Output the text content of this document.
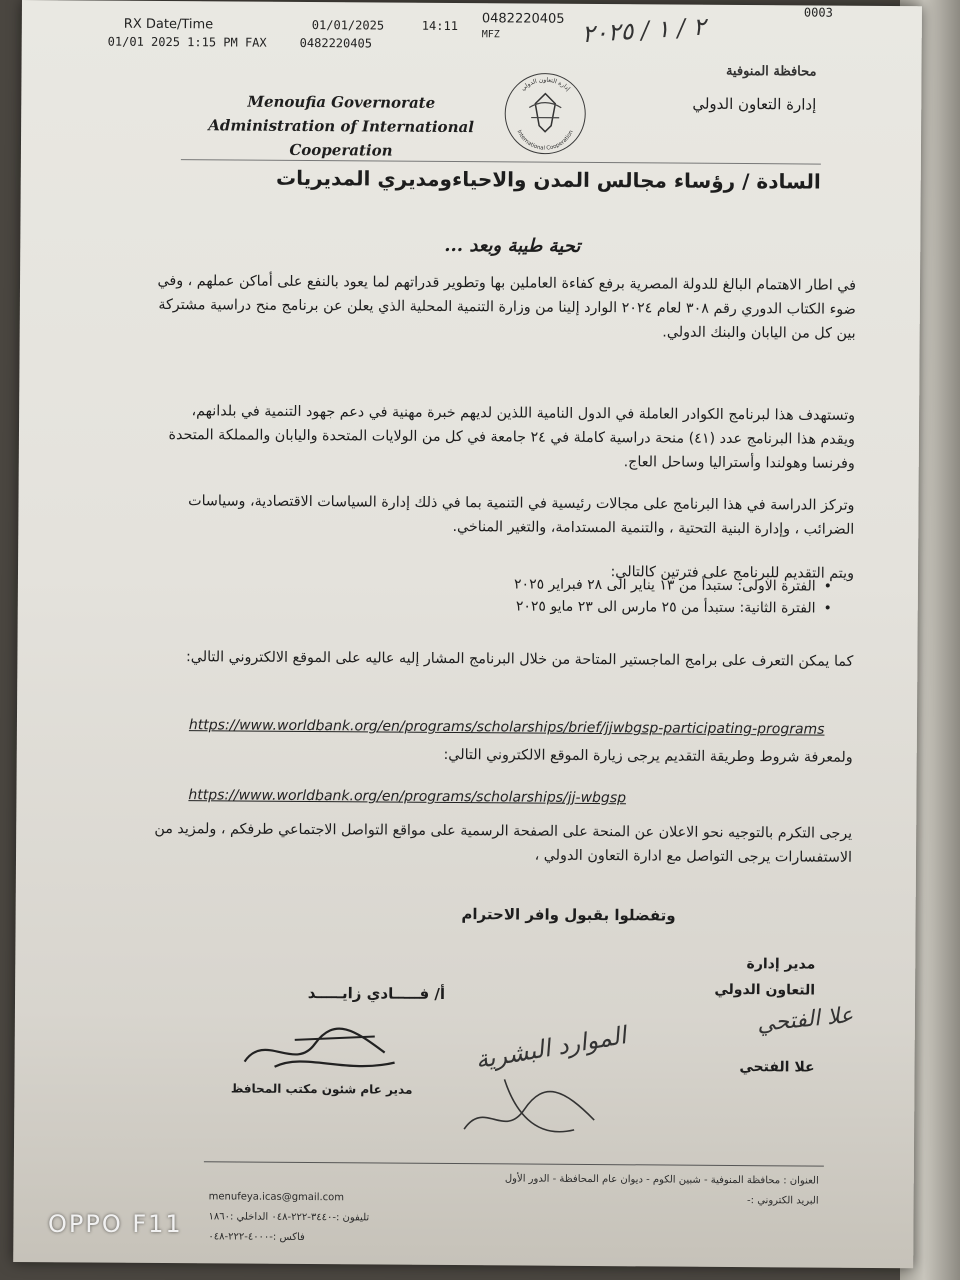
RX Date/Time	01/01/2025	14:11 0482220405
MFZ
01/01 2025 1:15 PM FAX	0482220405
0003
٢ / ١ / ٢٠٢٥
Menoufia Governorate
Administration of International
Cooperation
إدارة التعاون الدولي
International Cooperation
محافظة المنوفية
إدارة التعاون الدولي
السادة / رؤساء مجالس المدن والاحياءومديري المديريات
تحية طيبة وبعد ...
في اطار الاهتمام البالغ للدولة المصرية برفع كفاءة العاملين بها وتطوير قدراتهم لما يعود بالنفع على أماكن عملهم ، وفي ضوء الكتاب الدوري رقم ٣٠٨ لعام ٢٠٢٤ الوارد إلينا من وزارة التنمية المحلية الذي يعلن عن برنامج منح دراسية مشتركة بين كل من اليابان والبنك الدولي.
وتستهدف هذا لبرنامج الكوادر العاملة في الدول النامية اللذين لديهم خبرة مهنية في دعم جهود التنمية في بلدانهم، ويقدم هذا البرنامج عدد (٤١) منحة دراسية كاملة في ٢٤ جامعة في كل من الولايات المتحدة واليابان والمملكة المتحدة وفرنسا وهولندا وأستراليا وساحل العاج.
وتركز الدراسة في هذا البرنامج على مجالات رئيسية في التنمية بما في ذلك إدارة السياسات الاقتصادية، وسياسات الضرائب ، وإدارة البنية التحتية ، والتنمية المستدامة، والتغير المناخي.
ويتم التقديم للبرنامج على فترتين كالتالي:
•الفترة الاولى: ستبدأ من ١٣ يناير الى ٢٨ فبراير ٢٠٢٥
•الفترة الثانية: ستبدأ من ٢٥ مارس الى ٢٣ مايو ٢٠٢٥
كما يمكن التعرف على برامج الماجستير المتاحة من خلال البرنامج المشار إليه عاليه على الموقع الالكتروني التالي:
https://www.worldbank.org/en/programs/scholarships/brief/jjwbgsp-participating-programs
ولمعرفة شروط وطريقة التقديم يرجى زيارة الموقع الالكتروني التالي:
https://www.worldbank.org/en/programs/scholarships/jj-wbgsp
يرجى التكرم بالتوجيه نحو الاعلان عن المنحة على الصفحة الرسمية على مواقع التواصل الاجتماعي طرفكم ، ولمزيد من الاستفسارات يرجى التواصل مع ادارة التعاون الدولي ،
وتفضلوا بقبول وافر الاحترام
مدير إدارة
التعاون الدولي
علا الفتحي
علا الفتحي
أ/ فـــــادي زايـــــد
مدير عام شئون مكتب المحافظ
الموارد البشرية
العنوان : محافظة المنوفية - شبين الكوم - ديوان عام المحافظة - الدور الأول
البريد الكتروني :-
menufeya.icas@gmail.com
تليفون :-٣٤٤٠-٢٢٢-٠٤٨ الداخلي :١٨٦٠
فاكس :-٤٠٠٠-٢٢٢-٠٤٨
OPPO F11
